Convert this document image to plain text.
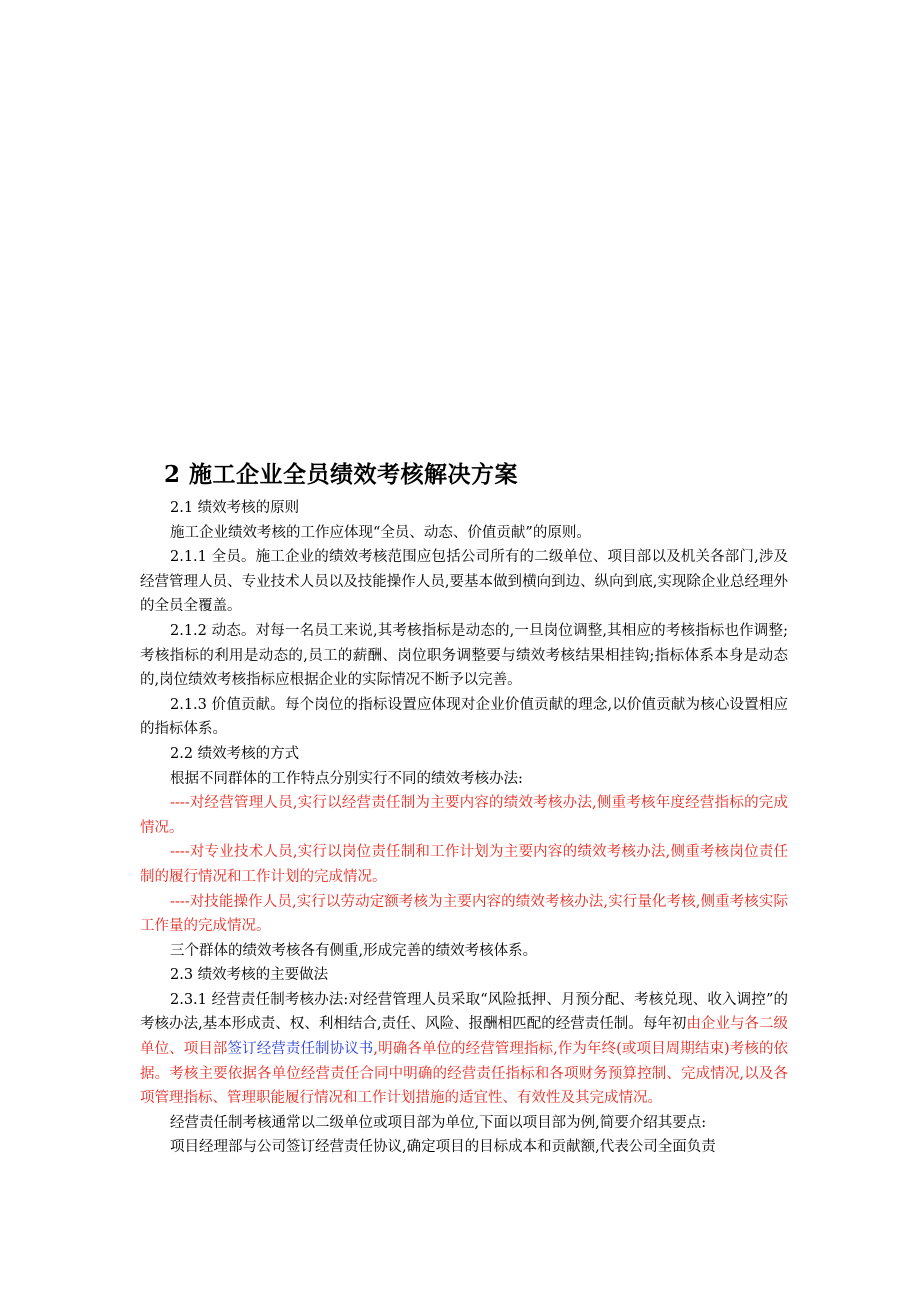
2 施工企业全员绩效考核解决方案

2.1 绩效考核的原则

施工企业绩效考核的工作应体现“全员、动态、价值贡献”的原则。

2.1.1 全员。施工企业的绩效考核范围应包括公司所有的二级单位、项目部以及机关各部门,涉及经营管理人员、专业技术人员以及技能操作人员,要基本做到横向到边、纵向到底,实现除企业总经理外的全员全覆盖。

2.1.2 动态。对每一名员工来说,其考核指标是动态的,一旦岗位调整,其相应的考核指标也作调整;考核指标的利用是动态的,员工的薪酬、岗位职务调整要与绩效考核结果相挂钩;指标体系本身是动态的,岗位绩效考核指标应根据企业的实际情况不断予以完善。

2.1.3 价值贡献。每个岗位的指标设置应体现对企业价值贡献的理念,以价值贡献为核心设置相应的指标体系。

2.2 绩效考核的方式

根据不同群体的工作特点分别实行不同的绩效考核办法:

----对经营管理人员,实行以经营责任制为主要内容的绩效考核办法,侧重考核年度经营指标的完成情况。

----对专业技术人员,实行以岗位责任制和工作计划为主要内容的绩效考核办法,侧重考核岗位责任制的履行情况和工作计划的完成情况。

----对技能操作人员,实行以劳动定额考核为主要内容的绩效考核办法,实行量化考核,侧重考核实际工作量的完成情况。

三个群体的绩效考核各有侧重,形成完善的绩效考核体系。

2.3 绩效考核的主要做法

2.3.1 经营责任制考核办法:对经营管理人员采取“风险抵押、月预分配、考核兑现、收入调控”的考核办法,基本形成责、权、利相结合,责任、风险、报酬相匹配的经营责任制。每年初由企业与各二级单位、项目部签订经营责任制协议书,明确各单位的经营管理指标,作为年终(或项目周期结束)考核的依据。考核主要依据各单位经营责任合同中明确的经营责任指标和各项财务预算控制、完成情况,以及各项管理指标、管理职能履行情况和工作计划措施的适宜性、有效性及其完成情况。

经营责任制考核通常以二级单位或项目部为单位,下面以项目部为例,简要介绍其要点:

项目经理部与公司签订经营责任协议,确定项目的目标成本和贡献额,代表公司全面负责
